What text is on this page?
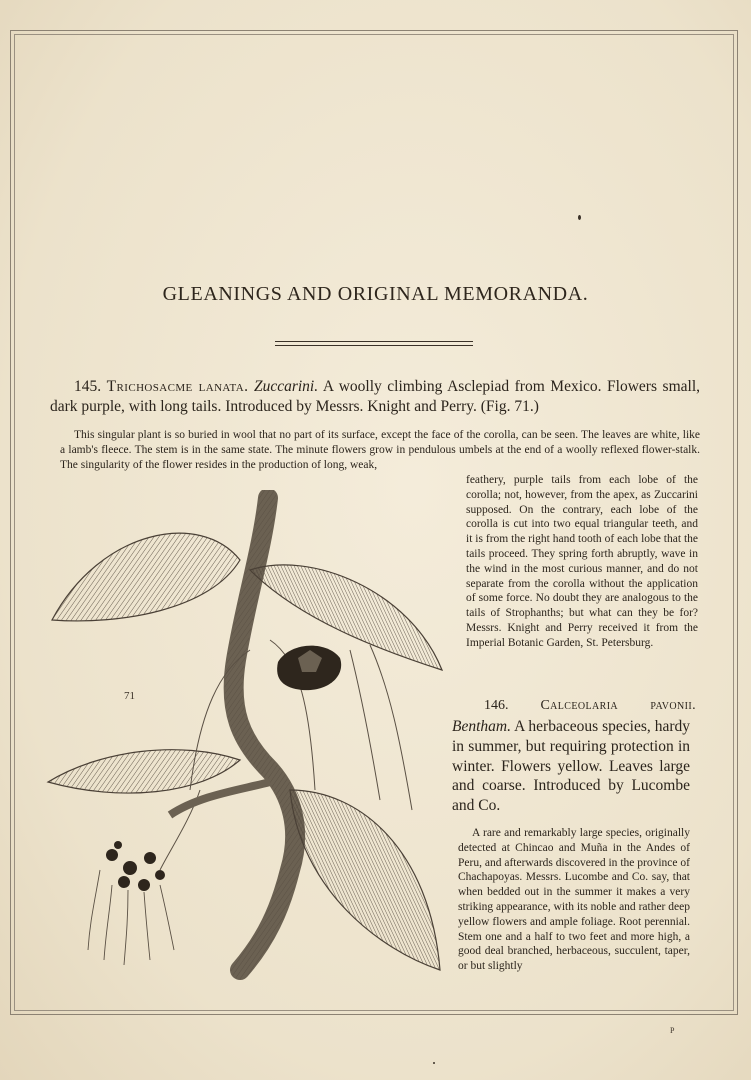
GLEANINGS AND ORIGINAL MEMORANDA.
145. Trichosacme lanata. Zuccarini. A woolly climbing Asclepiad from Mexico. Flowers small, dark purple, with long tails. Introduced by Messrs. Knight and Perry. (Fig. 71.)
This singular plant is so buried in wool that no part of its surface, except the face of the corolla, can be seen. The leaves are white, like a lamb's fleece. The stem is in the same state. The minute flowers grow in pendulous umbels at the end of a woolly reflexed flower-stalk. The singularity of the flower resides in the production of long, weak,
feathery, purple tails from each lobe of the corolla; not, however, from the apex, as Zuccarini supposed. On the contrary, each lobe of the corolla is cut into two equal triangular teeth, and it is from the right hand tooth of each lobe that the tails proceed. They spring forth abruptly, wave in the wind in the most curious manner, and do not separate from the corolla without the application of some force. No doubt they are analogous to the tails of Strophanths; but what can they be for? Messrs. Knight and Perry received it from the Imperial Botanic Garden, St. Petersburg.
71
146. Calceolaria pavonii.
Bentham. A herbaceous species, hardy in summer, but requiring protection in winter. Flowers yellow. Leaves large and coarse. Introduced by Lucombe and Co.
A rare and remarkably large species, originally detected at Chincao and Muña in the Andes of Peru, and afterwards discovered in the province of Chachapoyas. Messrs. Lucombe and Co. say, that when bedded out in the summer it makes a very striking appearance, with its noble and rather deep yellow flowers and ample foliage. Root perennial. Stem one and a half to two feet and more high, a good deal branched, herbaceous, succulent, taper, or but slightly
P
